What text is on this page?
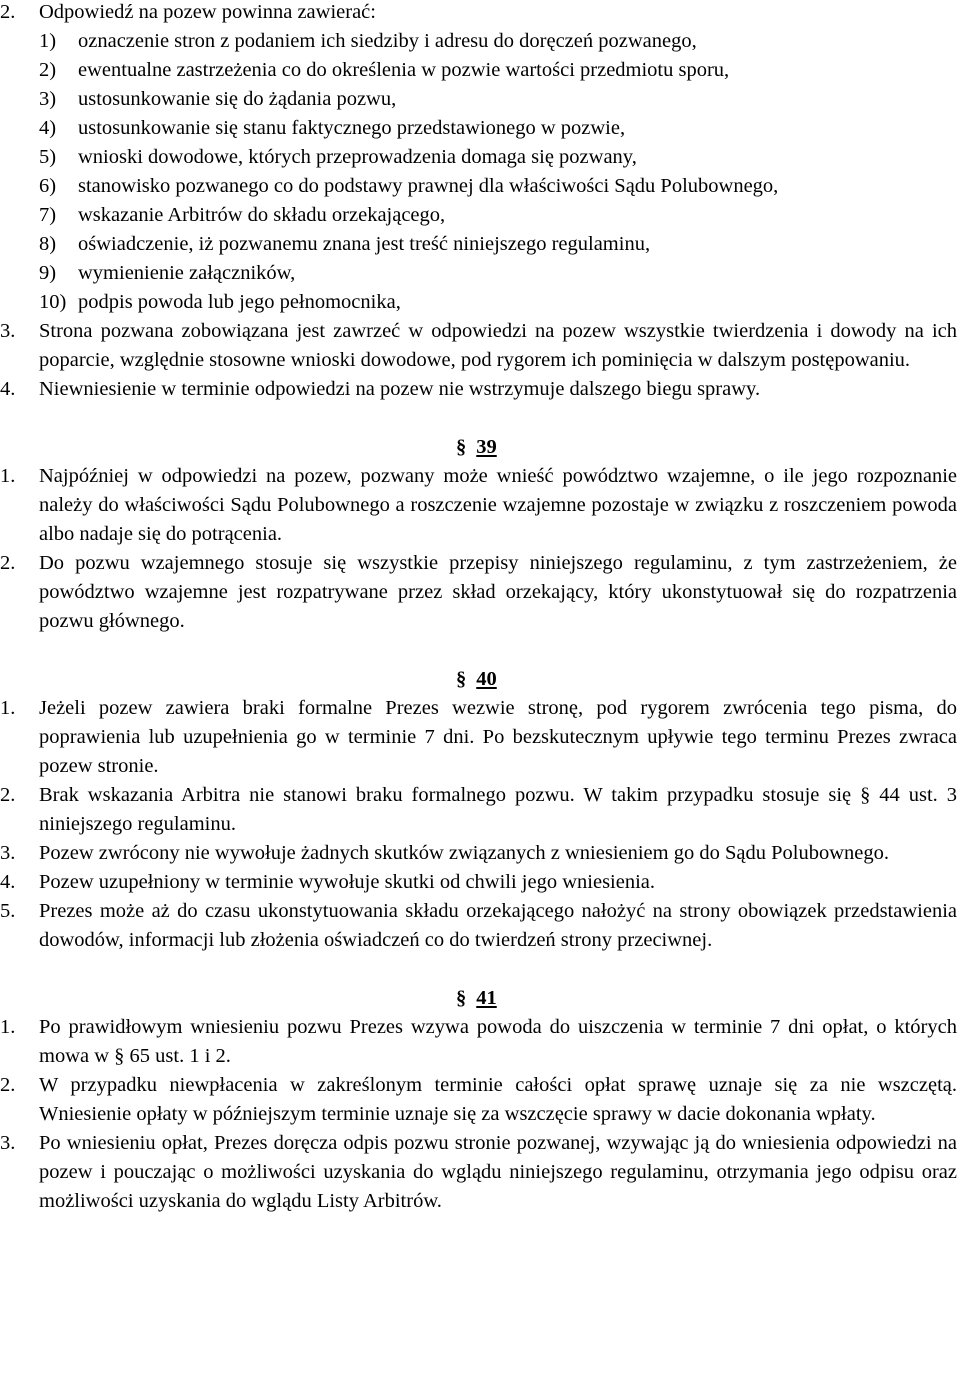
2. Odpowiedź na pozew powinna zawierać:
1) oznaczenie stron z podaniem ich siedziby i adresu do doręczeń pozwanego,
2) ewentualne zastrzeżenia co do określenia w pozwie wartości przedmiotu sporu,
3) ustosunkowanie się do żądania pozwu,
4) ustosunkowanie się stanu faktycznego przedstawionego w pozwie,
5) wnioski dowodowe, których przeprowadzenia domaga się pozwany,
6) stanowisko pozwanego co do podstawy prawnej dla właściwości Sądu Polubownego,
7) wskazanie Arbitrów do składu orzekającego,
8) oświadczenie, iż pozwanemu znana jest treść niniejszego regulaminu,
9) wymienienie załączników,
10) podpis powoda lub jego pełnomocnika,
3. Strona pozwana zobowiązana jest zawrzeć w odpowiedzi na pozew wszystkie twierdzenia i dowody na ich poparcie, względnie stosowne wnioski dowodowe, pod rygorem ich pominięcia w dalszym postępowaniu.
4. Niewniesienie w terminie odpowiedzi na pozew nie wstrzymuje dalszego biegu sprawy.
§ 39
1. Najpóźniej w odpowiedzi na pozew, pozwany może wnieść powództwo wzajemne, o ile jego rozpoznanie należy do właściwości Sądu Polubownego a roszczenie wzajemne pozostaje w związku z roszczeniem powoda albo nadaje się do potrącenia.
2. Do pozwu wzajemnego stosuje się wszystkie przepisy niniejszego regulaminu, z tym zastrzeżeniem, że powództwo wzajemne jest rozpatrywane przez skład orzekający, który ukonstytuował się do rozpatrzenia pozwu głównego.
§ 40
1. Jeżeli pozew zawiera braki formalne Prezes wezwie stronę, pod rygorem zwrócenia tego pisma, do poprawienia lub uzupełnienia go w terminie 7 dni. Po bezskutecznym upływie tego terminu Prezes zwraca pozew stronie.
2. Brak wskazania Arbitra nie stanowi braku formalnego pozwu. W takim przypadku stosuje się § 44 ust. 3 niniejszego regulaminu.
3. Pozew zwrócony nie wywołuje żadnych skutków związanych z wniesieniem go do Sądu Polubownego.
4. Pozew uzupełniony w terminie wywołuje skutki od chwili jego wniesienia.
5. Prezes może aż do czasu ukonstytuowania składu orzekającego nałożyć na strony obowiązek przedstawienia dowodów, informacji lub złożenia oświadczeń co do twierdzeń strony przeciwnej.
§ 41
1. Po prawidłowym wniesieniu pozwu Prezes wzywa powoda do uiszczenia w terminie 7 dni opłat, o których mowa w § 65 ust. 1 i 2.
2. W przypadku niewpłacenia w zakreślonym terminie całości opłat sprawę uznaje się za nie wszczętą. Wniesienie opłaty w późniejszym terminie uznaje się za wszczęcie sprawy w dacie dokonania wpłaty.
3. Po wniesieniu opłat, Prezes doręcza odpis pozwu stronie pozwanej, wzywając ją do wniesienia odpowiedzi na pozew i pouczając o możliwości uzyskania do wglądu niniejszego regulaminu, otrzymania jego odpisu oraz możliwości uzyskania do wglądu Listy Arbitrów.
